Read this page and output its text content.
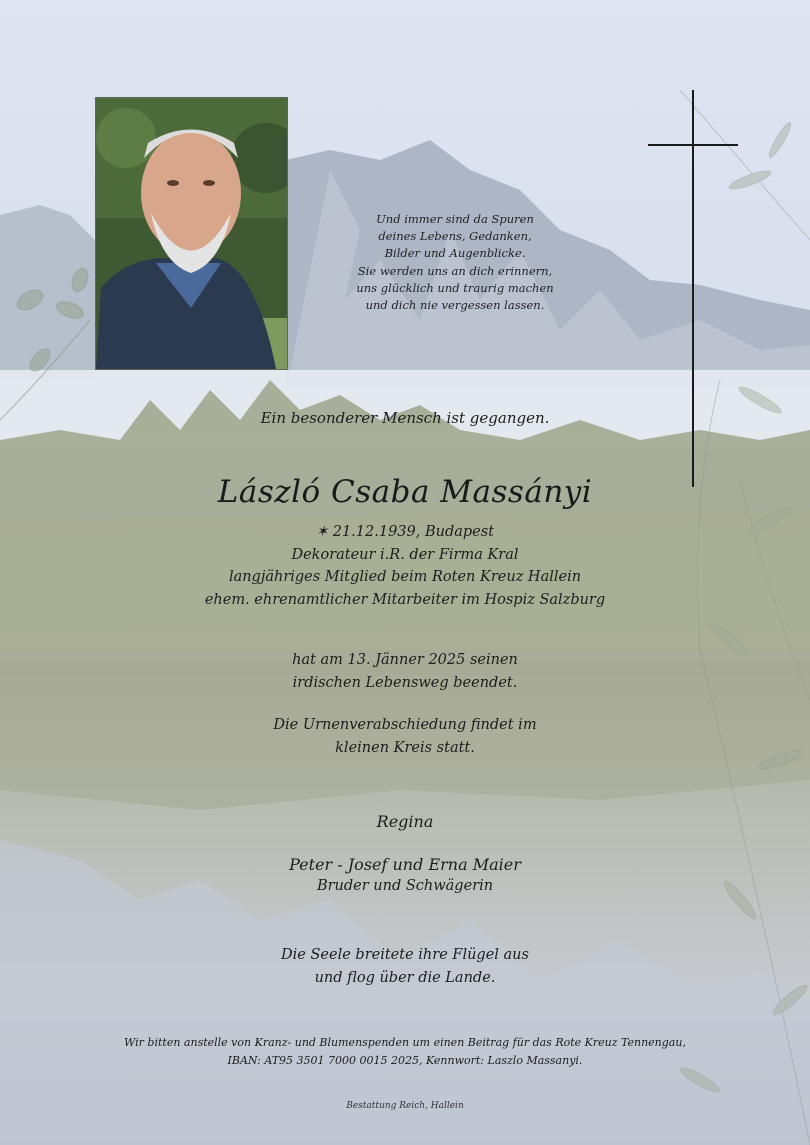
Und immer sind da Spuren
deines Lebens, Gedanken,
Bilder und Augenblicke.
Sie werden uns an dich erinnern,
uns glücklich und traurig machen
und dich nie vergessen lassen.
Ein besonderer Mensch ist gegangen.
László Csaba Massányi
✶ 21.12.1939, Budapest
Dekorateur i.R. der Firma Kral
langjähriges Mitglied beim Roten Kreuz Hallein
ehem. ehrenamtlicher Mitarbeiter im Hospiz Salzburg
hat am 13. Jänner 2025 seinen
irdischen Lebensweg beendet.
Die Urnenverabschiedung findet im
kleinen Kreis statt.
Regina
Peter - Josef und Erna Maier
Bruder und Schwägerin
Die Seele breitete ihre Flügel aus
und flog über die Lande.
Wir bitten anstelle von Kranz- und Blumenspenden um einen Beitrag für das Rote Kreuz Tennengau,
IBAN: AT95 3501 7000 0015 2025, Kennwort: Laszlo Massanyi.
Bestattung Reich, Hallein
